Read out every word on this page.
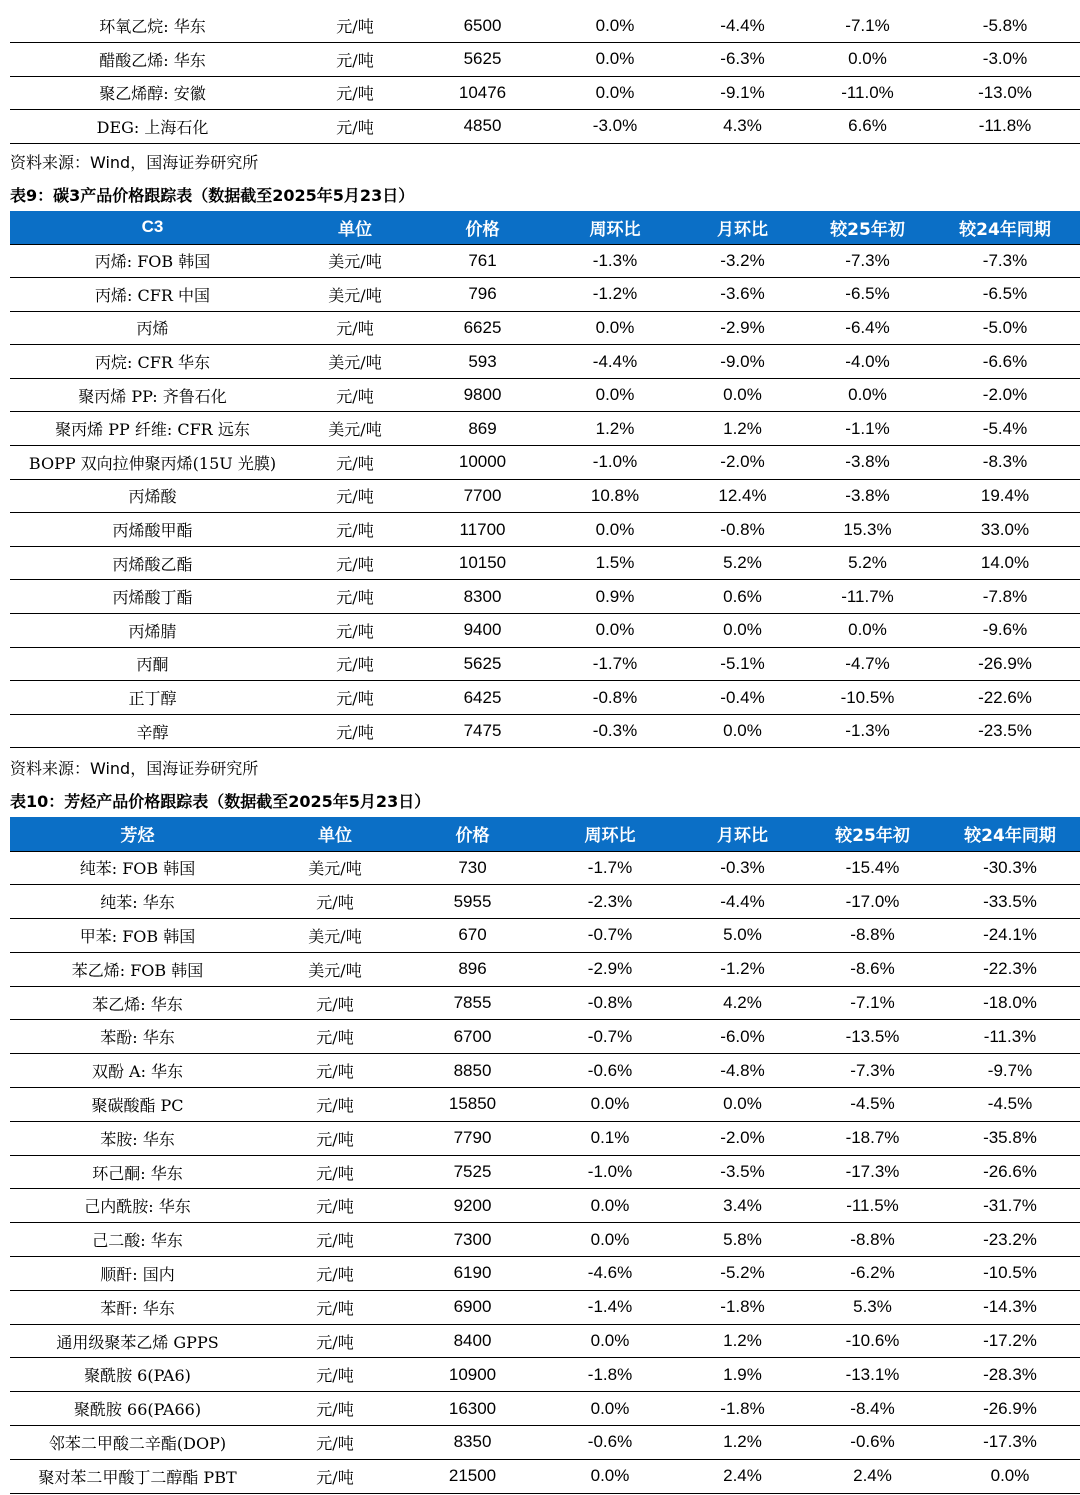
环氧乙烷: 华东	元/吨	6500	0.0%	-4.4%	-7.1%	-5.8%
醋酸乙烯: 华东	元/吨	5625	0.0%	-6.3%	0.0%	-3.0%
聚乙烯醇: 安徽	元/吨	10476	0.0%	-9.1%	-11.0%	-13.0%
DEG: 上海石化	元/吨	4850	-3.0%	4.3%	6.6%	-11.8%
资料来源：Wind，国海证券研究所
表9：碳3产品价格跟踪表（数据截至2025年5月23日）
C3	单位	价格	周环比	月环比	较25年初	较24年同期
丙烯: FOB 韩国	美元/吨	761	-1.3%	-3.2%	-7.3%	-7.3%
丙烯: CFR 中国	美元/吨	796	-1.2%	-3.6%	-6.5%	-6.5%
丙烯	元/吨	6625	0.0%	-2.9%	-6.4%	-5.0%
丙烷: CFR 华东	美元/吨	593	-4.4%	-9.0%	-4.0%	-6.6%
聚丙烯 PP: 齐鲁石化	元/吨	9800	0.0%	0.0%	0.0%	-2.0%
聚丙烯 PP 纤维: CFR 远东	美元/吨	869	1.2%	1.2%	-1.1%	-5.4%
BOPP 双向拉伸聚丙烯(15U 光膜)	元/吨	10000	-1.0%	-2.0%	-3.8%	-8.3%
丙烯酸	元/吨	7700	10.8%	12.4%	-3.8%	19.4%
丙烯酸甲酯	元/吨	11700	0.0%	-0.8%	15.3%	33.0%
丙烯酸乙酯	元/吨	10150	1.5%	5.2%	5.2%	14.0%
丙烯酸丁酯	元/吨	8300	0.9%	0.6%	-11.7%	-7.8%
丙烯腈	元/吨	9400	0.0%	0.0%	0.0%	-9.6%
丙酮	元/吨	5625	-1.7%	-5.1%	-4.7%	-26.9%
正丁醇	元/吨	6425	-0.8%	-0.4%	-10.5%	-22.6%
辛醇	元/吨	7475	-0.3%	0.0%	-1.3%	-23.5%
资料来源：Wind，国海证券研究所
表10：芳烃产品价格跟踪表（数据截至2025年5月23日）
芳烃	单位	价格	周环比	月环比	较25年初	较24年同期
纯苯: FOB 韩国	美元/吨	730	-1.7%	-0.3%	-15.4%	-30.3%
纯苯: 华东	元/吨	5955	-2.3%	-4.4%	-17.0%	-33.5%
甲苯: FOB 韩国	美元/吨	670	-0.7%	5.0%	-8.8%	-24.1%
苯乙烯: FOB 韩国	美元/吨	896	-2.9%	-1.2%	-8.6%	-22.3%
苯乙烯: 华东	元/吨	7855	-0.8%	4.2%	-7.1%	-18.0%
苯酚: 华东	元/吨	6700	-0.7%	-6.0%	-13.5%	-11.3%
双酚 A: 华东	元/吨	8850	-0.6%	-4.8%	-7.3%	-9.7%
聚碳酸酯 PC	元/吨	15850	0.0%	0.0%	-4.5%	-4.5%
苯胺: 华东	元/吨	7790	0.1%	-2.0%	-18.7%	-35.8%
环己酮: 华东	元/吨	7525	-1.0%	-3.5%	-17.3%	-26.6%
己内酰胺: 华东	元/吨	9200	0.0%	3.4%	-11.5%	-31.7%
己二酸: 华东	元/吨	7300	0.0%	5.8%	-8.8%	-23.2%
顺酐: 国内	元/吨	6190	-4.6%	-5.2%	-6.2%	-10.5%
苯酐: 华东	元/吨	6900	-1.4%	-1.8%	5.3%	-14.3%
通用级聚苯乙烯 GPPS	元/吨	8400	0.0%	1.2%	-10.6%	-17.2%
聚酰胺 6(PA6)	元/吨	10900	-1.8%	1.9%	-13.1%	-28.3%
聚酰胺 66(PA66)	元/吨	16300	0.0%	-1.8%	-8.4%	-26.9%
邻苯二甲酸二辛酯(DOP)	元/吨	8350	-0.6%	1.2%	-0.6%	-17.3%
聚对苯二甲酸丁二醇酯 PBT	元/吨	21500	0.0%	2.4%	2.4%	0.0%
